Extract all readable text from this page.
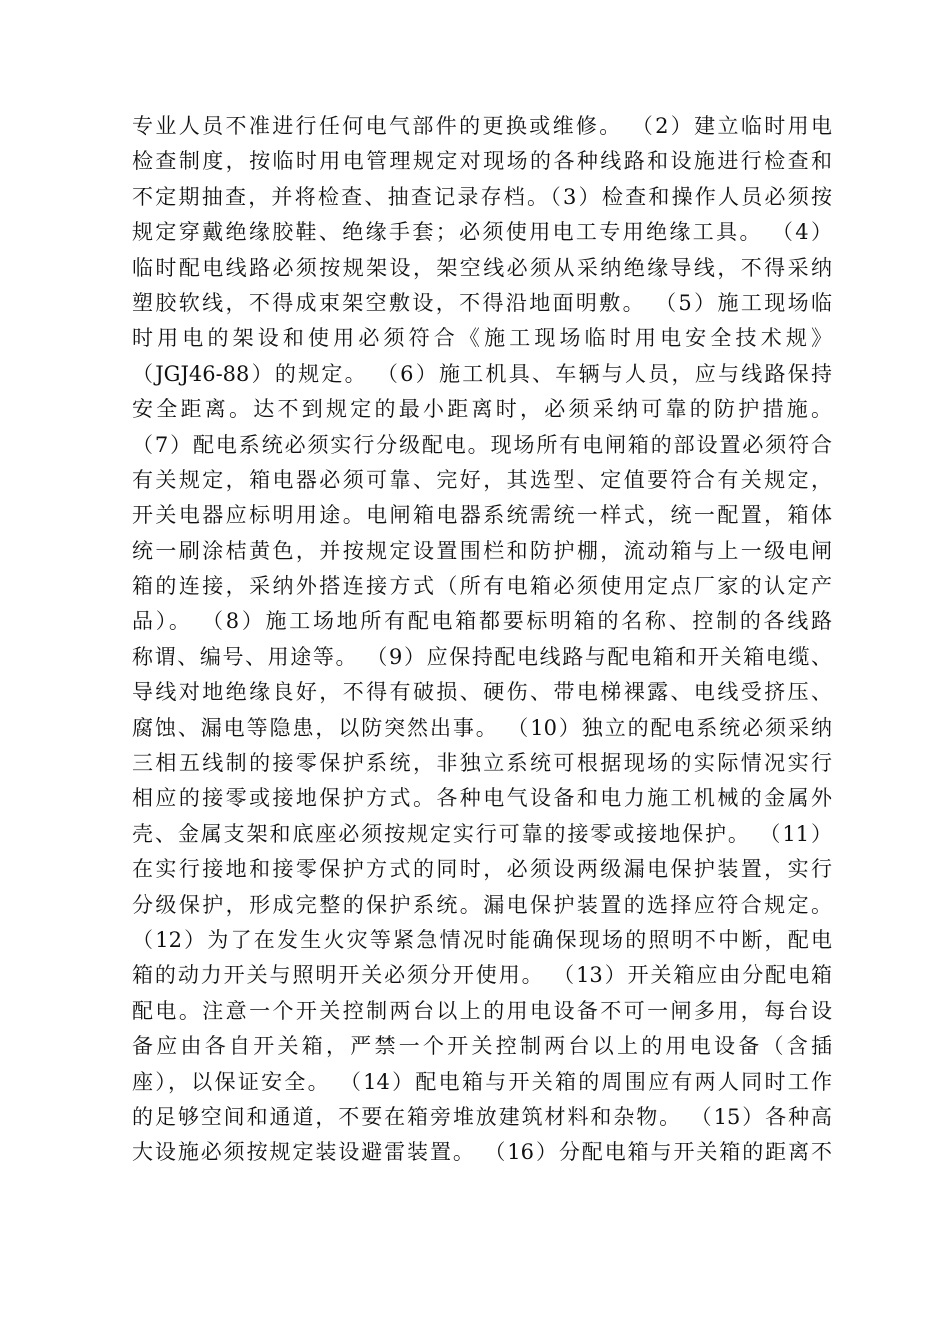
专业人员不准进行任何电气部件的更换或维修。 （2）建立临时用电
检查制度，按临时用电管理规定对现场的各种线路和设施进行检查和
不定期抽查，并将检查、抽查记录存档。（3）检查和操作人员必须按
规定穿戴绝缘胶鞋、绝缘手套；必须使用电工专用绝缘工具。 （4）
临时配电线路必须按规架设，架空线必须从采纳绝缘导线，不得采纳
塑胶软线，不得成束架空敷设，不得沿地面明敷。 （5）施工现场临
时用电的架设和使用必须符合《施工现场临时用电安全技术规》
（JGJ46-88）的规定。 （6）施工机具、车辆与人员，应与线路保持
安全距离。达不到规定的最小距离时，必须采纳可靠的防护措施。
（7）配电系统必须实行分级配电。现场所有电闸箱的部设置必须符合
有关规定，箱电器必须可靠、完好，其选型、定值要符合有关规定，
开关电器应标明用途。电闸箱电器系统需统一样式，统一配置，箱体
统一刷涂桔黄色，并按规定设置围栏和防护棚，流动箱与上一级电闸
箱的连接，采纳外搭连接方式（所有电箱必须使用定点厂家的认定产
品）。 （8）施工场地所有配电箱都要标明箱的名称、控制的各线路
称谓、编号、用途等。 （9）应保持配电线路与配电箱和开关箱电缆、
导线对地绝缘良好，不得有破损、硬伤、带电梯裸露、电线受挤压、
腐蚀、漏电等隐患，以防突然出事。 （10）独立的配电系统必须采纳
三相五线制的接零保护系统，非独立系统可根据现场的实际情况实行
相应的接零或接地保护方式。各种电气设备和电力施工机械的金属外
壳、金属支架和底座必须按规定实行可靠的接零或接地保护。 （11）
在实行接地和接零保护方式的同时，必须设两级漏电保护装置，实行
分级保护，形成完整的保护系统。漏电保护装置的选择应符合规定。
（12）为了在发生火灾等紧急情况时能确保现场的照明不中断，配电
箱的动力开关与照明开关必须分开使用。 （13）开关箱应由分配电箱
配电。注意一个开关控制两台以上的用电设备不可一闸多用，每台设
备应由各自开关箱，严禁一个开关控制两台以上的用电设备（含插
座），以保证安全。 （14）配电箱与开关箱的周围应有两人同时工作
的足够空间和通道，不要在箱旁堆放建筑材料和杂物。 （15）各种高
大设施必须按规定装设避雷装置。 （16）分配电箱与开关箱的距离不
